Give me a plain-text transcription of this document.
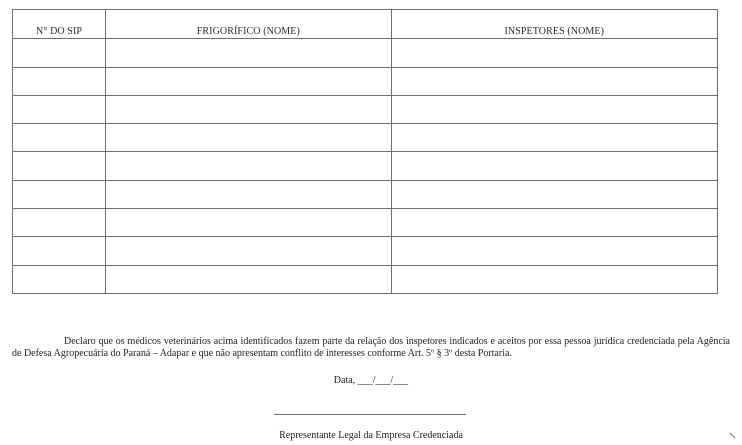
N° DO SIP	FRIGORÍFICO (NOME)	INSPETORES (NOME)

Declaro que os médicos veterinários acima identificados fazem parte da relação dos inspetores indicados e aceitos por essa pessoa jurídica credenciada pela Agência de Defesa Agropecuária do Paraná – Adapar e que não apresentam conflito de interesses conforme Art. 5º § 3º desta Portaria.

Data, ___/___/___

Representante Legal da Empresa Credenciada
